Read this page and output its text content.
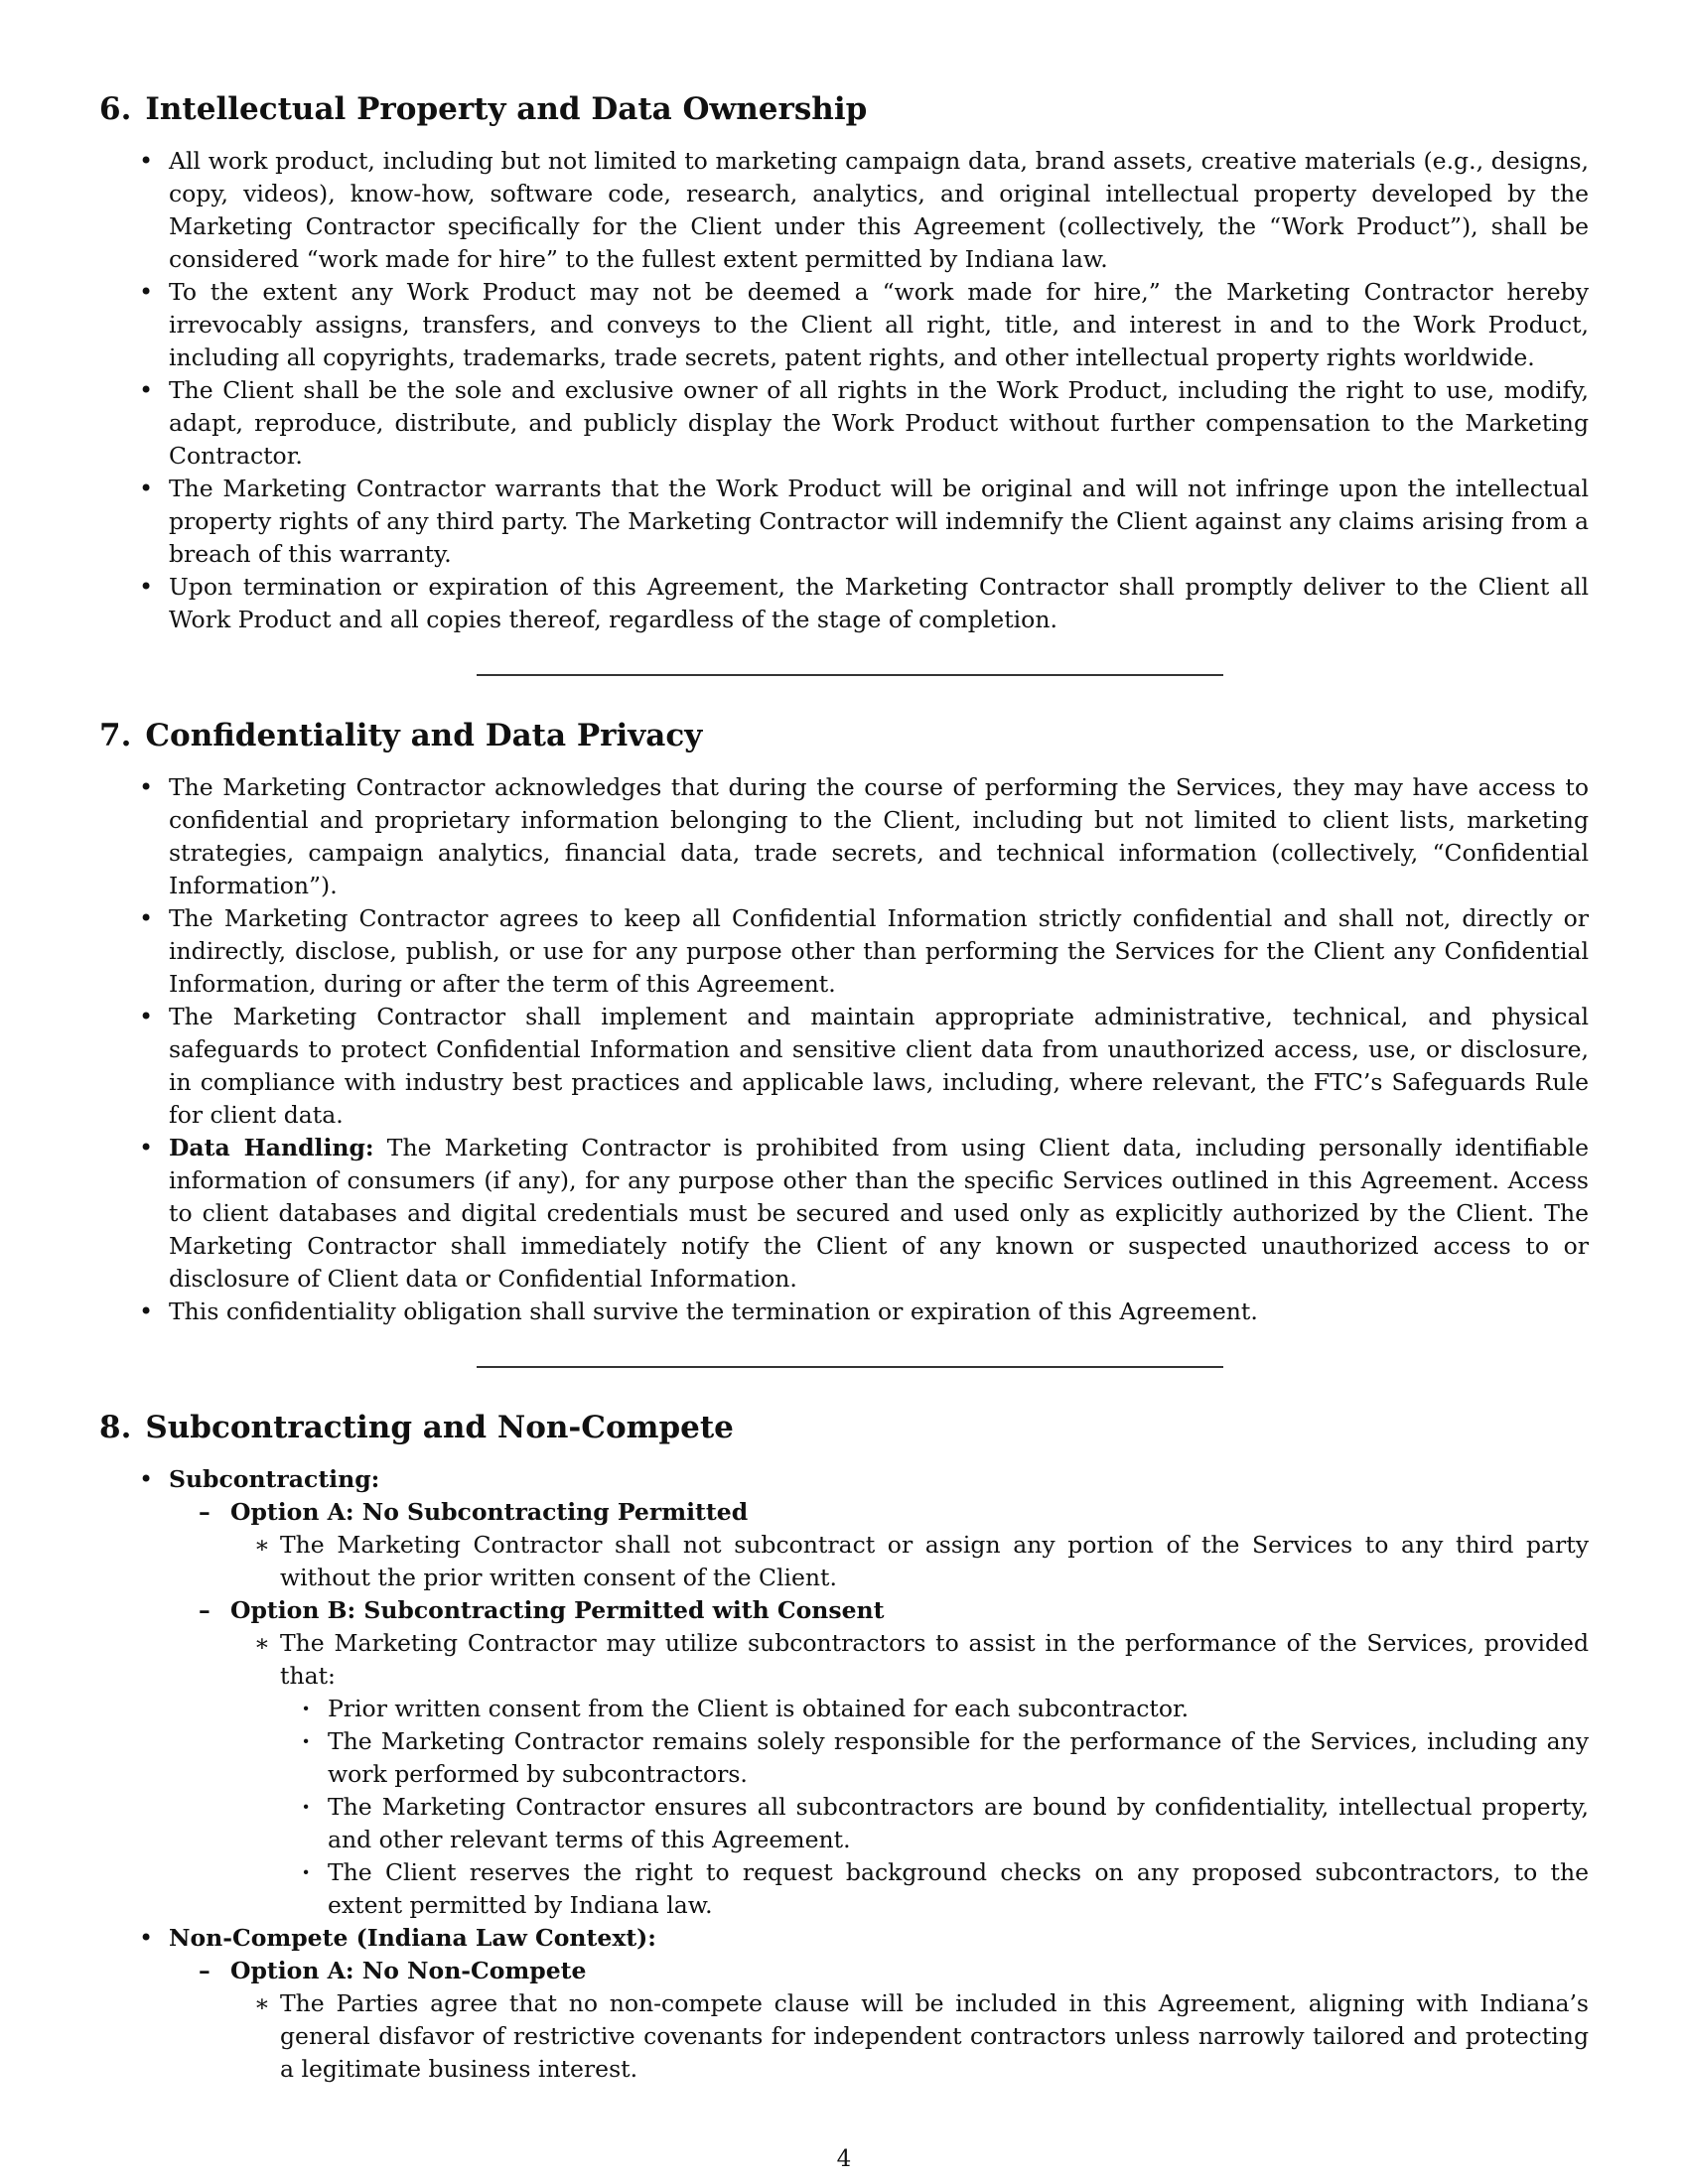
6. Intellectual Property and Data Ownership
• All work product, including but not limited to marketing campaign data, brand assets, creative materials (e.g., designs, copy, videos), know-how, software code, research, analytics, and original intellectual property developed by the Marketing Contractor specifically for the Client under this Agreement (collectively, the “Work Product”), shall be considered “work made for hire” to the fullest extent permitted by Indiana law.
• To the extent any Work Product may not be deemed a “work made for hire,” the Marketing Contractor hereby irrevocably assigns, transfers, and conveys to the Client all right, title, and interest in and to the Work Product, including all copyrights, trademarks, trade secrets, patent rights, and other intellectual property rights worldwide.
• The Client shall be the sole and exclusive owner of all rights in the Work Product, including the right to use, modify, adapt, reproduce, distribute, and publicly display the Work Product without further compensation to the Marketing Contractor.
• The Marketing Contractor warrants that the Work Product will be original and will not infringe upon the intellectual property rights of any third party. The Marketing Contractor will indemnify the Client against any claims arising from a breach of this warranty.
• Upon termination or expiration of this Agreement, the Marketing Contractor shall promptly deliver to the Client all Work Product and all copies thereof, regardless of the stage of completion.
7. Confidentiality and Data Privacy
• The Marketing Contractor acknowledges that during the course of performing the Services, they may have access to confidential and proprietary information belonging to the Client, including but not limited to client lists, marketing strategies, campaign analytics, financial data, trade secrets, and technical information (collectively, “Confidential Information”).
• The Marketing Contractor agrees to keep all Confidential Information strictly confidential and shall not, directly or indirectly, disclose, publish, or use for any purpose other than performing the Services for the Client any Confidential Information, during or after the term of this Agreement.
• The Marketing Contractor shall implement and maintain appropriate administrative, technical, and physical safeguards to protect Confidential Information and sensitive client data from unauthorized access, use, or disclosure, in compliance with industry best practices and applicable laws, including, where relevant, the FTC’s Safeguards Rule for client data.
• Data Handling: The Marketing Contractor is prohibited from using Client data, including personally identifiable information of consumers (if any), for any purpose other than the specific Services outlined in this Agreement. Access to client databases and digital credentials must be secured and used only as explicitly authorized by the Client. The Marketing Contractor shall immediately notify the Client of any known or suspected unauthorized access to or disclosure of Client data or Confidential Information.
• This confidentiality obligation shall survive the termination or expiration of this Agreement.
8. Subcontracting and Non-Compete
• Subcontracting:
– Option A: No Subcontracting Permitted
∗ The Marketing Contractor shall not subcontract or assign any portion of the Services to any third party without the prior written consent of the Client.
– Option B: Subcontracting Permitted with Consent
∗ The Marketing Contractor may utilize subcontractors to assist in the performance of the Services, provided that:
· Prior written consent from the Client is obtained for each subcontractor.
· The Marketing Contractor remains solely responsible for the performance of the Services, including any work performed by subcontractors.
· The Marketing Contractor ensures all subcontractors are bound by confidentiality, intellectual property, and other relevant terms of this Agreement.
· The Client reserves the right to request background checks on any proposed subcontractors, to the extent permitted by Indiana law.
• Non-Compete (Indiana Law Context):
– Option A: No Non-Compete
∗ The Parties agree that no non-compete clause will be included in this Agreement, aligning with Indiana’s general disfavor of restrictive covenants for independent contractors unless narrowly tailored and protecting a legitimate business interest.
4
